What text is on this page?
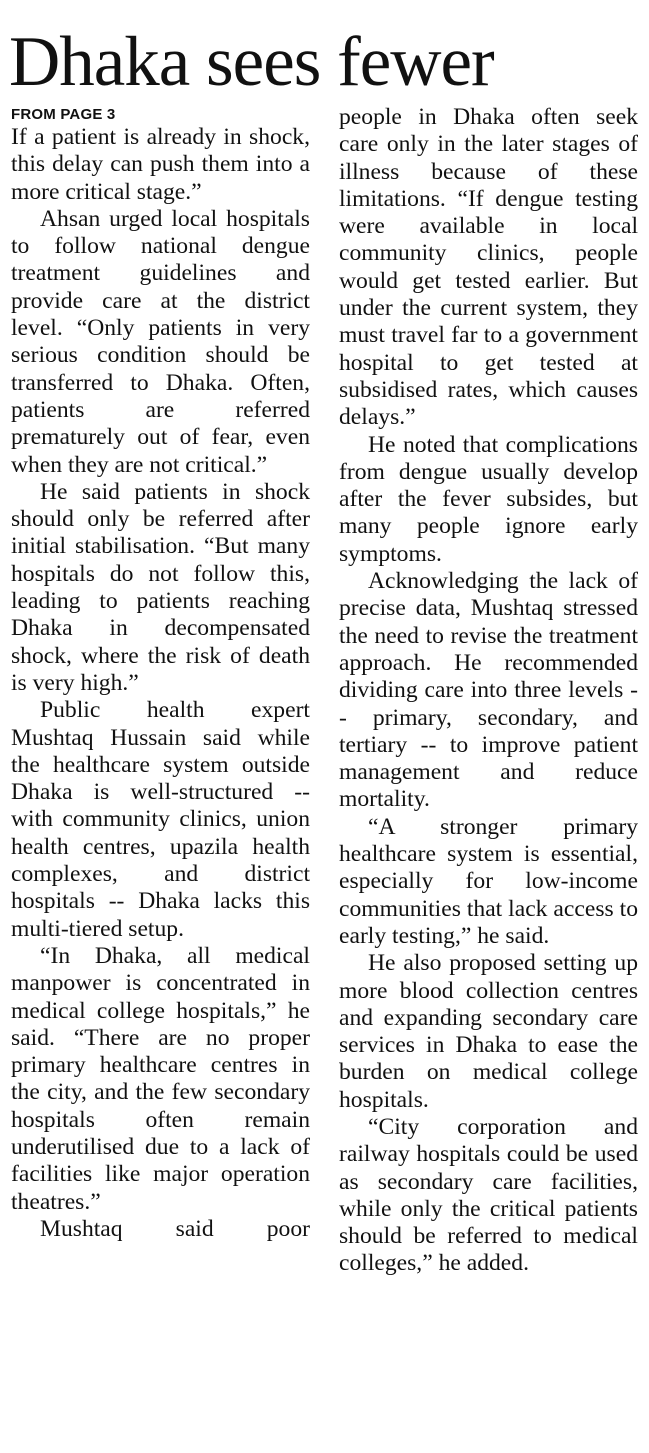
Dhaka sees fewer
FROM PAGE 3

If a patient is already in shock, this delay can push them into a more critical stage.”

Ahsan urged local hospitals to follow national dengue treatment guidelines and provide care at the district level. “Only patients in very serious condition should be transferred to Dhaka. Often, patients are referred prematurely out of fear, even when they are not critical.”

He said patients in shock should only be referred after initial stabilisation. “But many hospitals do not follow this, leading to patients reaching Dhaka in decompensated shock, where the risk of death is very high.”

Public health expert Mushtaq Hussain said while the healthcare system outside Dhaka is well-structured -- with community clinics, union health centres, upazila health complexes, and district hospitals -- Dhaka lacks this multi-tiered setup.

“In Dhaka, all medical manpower is concentrated in medical college hospitals,” he said. “There are no proper primary healthcare centres in the city, and the few secondary hospitals often remain underutilised due to a lack of facilities like major operation theatres.”

Mushtaq said poor

people in Dhaka often seek care only in the later stages of illness because of these limitations. “If dengue testing were available in local community clinics, people would get tested earlier. But under the current system, they must travel far to a government hospital to get tested at subsidised rates, which causes delays.”

He noted that complications from dengue usually develop after the fever subsides, but many people ignore early symptoms.

Acknowledging the lack of precise data, Mushtaq stressed the need to revise the treatment approach. He recommended dividing care into three levels -- primary, secondary, and tertiary -- to improve patient management and reduce mortality.

“A stronger primary healthcare system is essential, especially for low-income communities that lack access to early testing,” he said.

He also proposed setting up more blood collection centres and expanding secondary care services in Dhaka to ease the burden on medical college hospitals.

“City corporation and railway hospitals could be used as secondary care facilities, while only the critical patients should be referred to medical colleges,” he added.
